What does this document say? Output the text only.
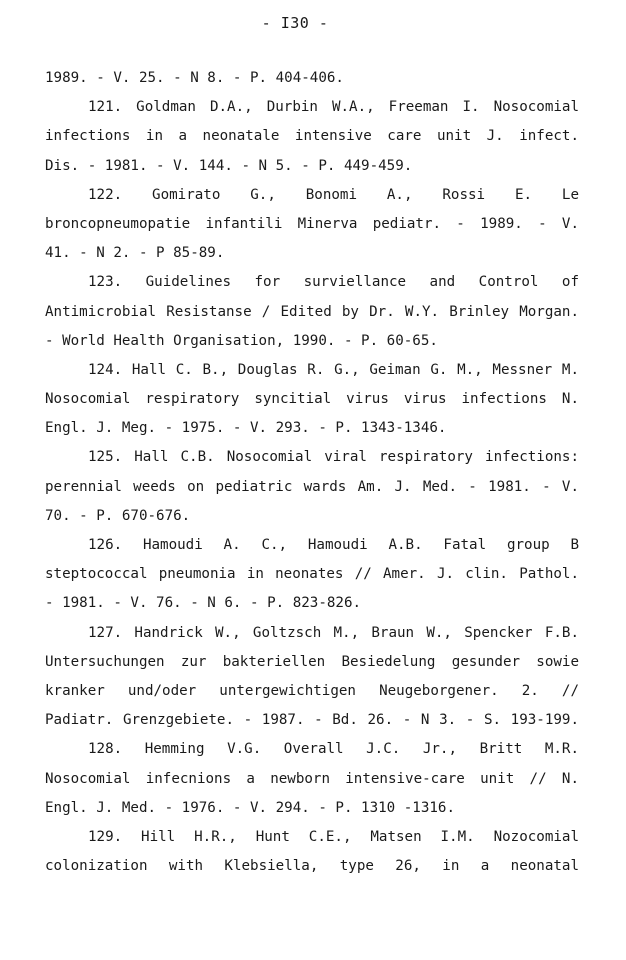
- I30 -
1989. - V. 25. - N 8. - P. 404-406.
121. Goldman D.A., Durbin W.A., Freeman I. Nosocomial
infections in a neonatale intensive care unit J. infect.
Dis. - 1981. - V. 144. - N 5. - P. 449-459.
122. Gomirato G., Bonomi A., Rossi E. Le
broncopneumopatie infantili Minerva pediatr. - 1989. - V.
41. - N 2. - P 85-89.
123. Guidelines for surviellance and Control of
Antimicrobial Resistanse / Edited by Dr. W.Y. Brinley Morgan.
- World Health Organisation, 1990. - P. 60-65.
124. Hall C. B., Douglas R. G., Geiman G. M., Messner M.
Nosocomial respiratory syncitial virus virus infections N.
Engl. J. Meg. - 1975. - V. 293. - P. 1343-1346.
125. Hall C.B. Nosocomial viral respiratory infections:
perennial weeds on pediatric wards Am. J. Med. - 1981. - V.
70. - P. 670-676.
126. Hamoudi A. C., Hamoudi A.B. Fatal group B
steptococcal pneumonia in neonates // Amer. J. clin. Pathol.
- 1981. - V. 76. - N 6. - P. 823-826.
127. Handrick W., Goltzsch M., Braun W., Spencker F.B.
Untersuchungen zur bakteriellen Besiedelung gesunder sowie
kranker und/oder untergewichtigen Neugeborgener. 2. //
Padiatr. Grenzgebiete. - 1987. - Bd. 26. - N 3. - S. 193-199.
128. Hemming V.G. Overall J.C. Jr., Britt M.R.
Nosocomial infecnions a newborn intensive-care unit // N.
Engl. J. Med. - 1976. - V. 294. - P. 1310 -1316.
129. Hill H.R., Hunt C.E., Matsen I.M. Nozocomial
colonization with Klebsiella, type 26, in a neonatal
